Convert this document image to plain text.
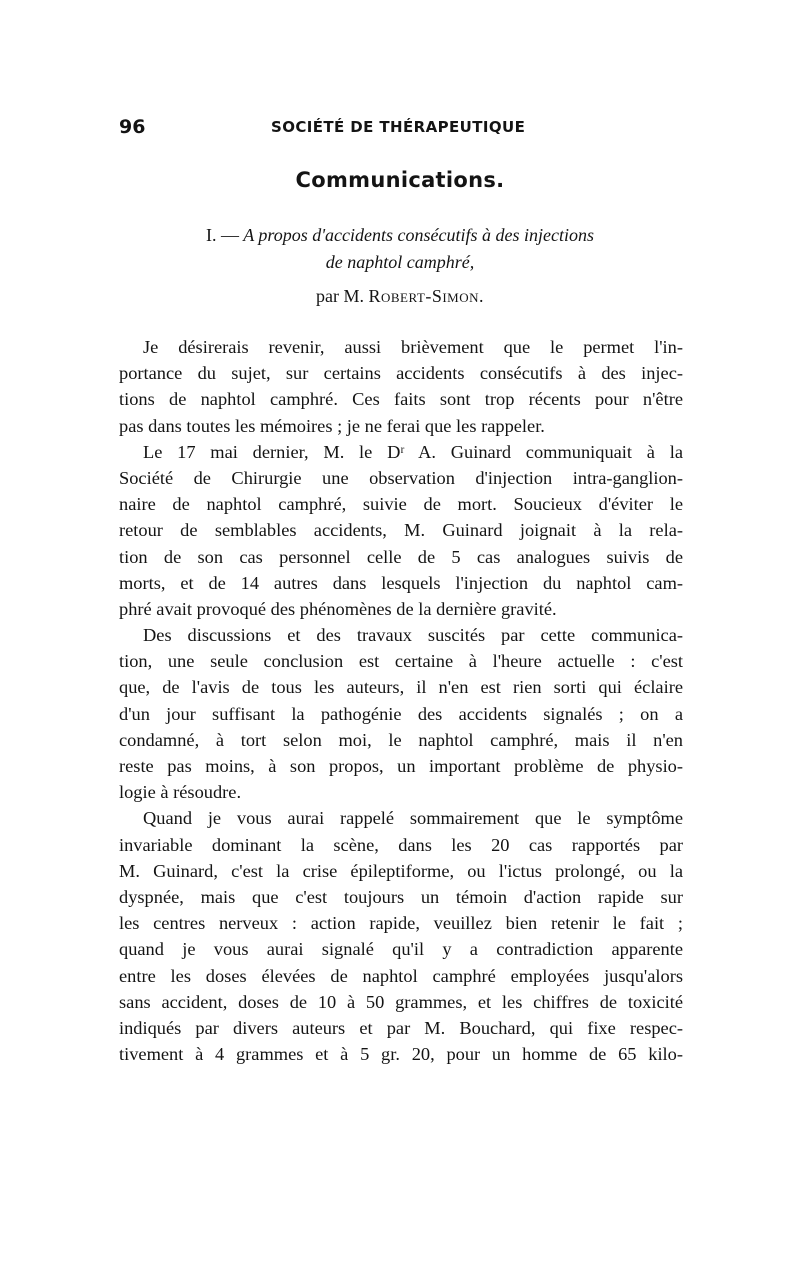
96	SOCIÉTÉ DE THÉRAPEUTIQUE
Communications.
I. — A propos d'accidents consécutifs à des injections
de naphtol camphré,
par M. Robert-Simon.
Je désirerais revenir, aussi brièvement que le permet l'in-
portance du sujet, sur certains accidents consécutifs à des injec-
tions de naphtol camphré. Ces faits sont trop récents pour n'être
pas dans toutes les mémoires ; je ne ferai que les rappeler.
Le 17 mai dernier, M. le Dʳ A. Guinard communiquait à la
Société de Chirurgie une observation d'injection intra-ganglion-
naire de naphtol camphré, suivie de mort. Soucieux d'éviter le
retour de semblables accidents, M. Guinard joignait à la rela-
tion de son cas personnel celle de 5 cas analogues suivis de
morts, et de 14 autres dans lesquels l'injection du naphtol cam-
phré avait provoqué des phénomènes de la dernière gravité.
Des discussions et des travaux suscités par cette communica-
tion, une seule conclusion est certaine à l'heure actuelle : c'est
que, de l'avis de tous les auteurs, il n'en est rien sorti qui éclaire
d'un jour suffisant la pathogénie des accidents signalés ; on a
condamné, à tort selon moi, le naphtol camphré, mais il n'en
reste pas moins, à son propos, un important problème de physio-
logie à résoudre.
Quand je vous aurai rappelé sommairement que le symptôme
invariable dominant la scène, dans les 20 cas rapportés par
M. Guinard, c'est la crise épileptiforme, ou l'ictus prolongé, ou la
dyspnée, mais que c'est toujours un témoin d'action rapide sur
les centres nerveux : action rapide, veuillez bien retenir le fait ;
quand je vous aurai signalé qu'il y a contradiction apparente
entre les doses élevées de naphtol camphré employées jusqu'alors
sans accident, doses de 10 à 50 grammes, et les chiffres de toxicité
indiqués par divers auteurs et par M. Bouchard, qui fixe respec-
tivement à 4 grammes et à 5 gr. 20, pour un homme de 65 kilo-
